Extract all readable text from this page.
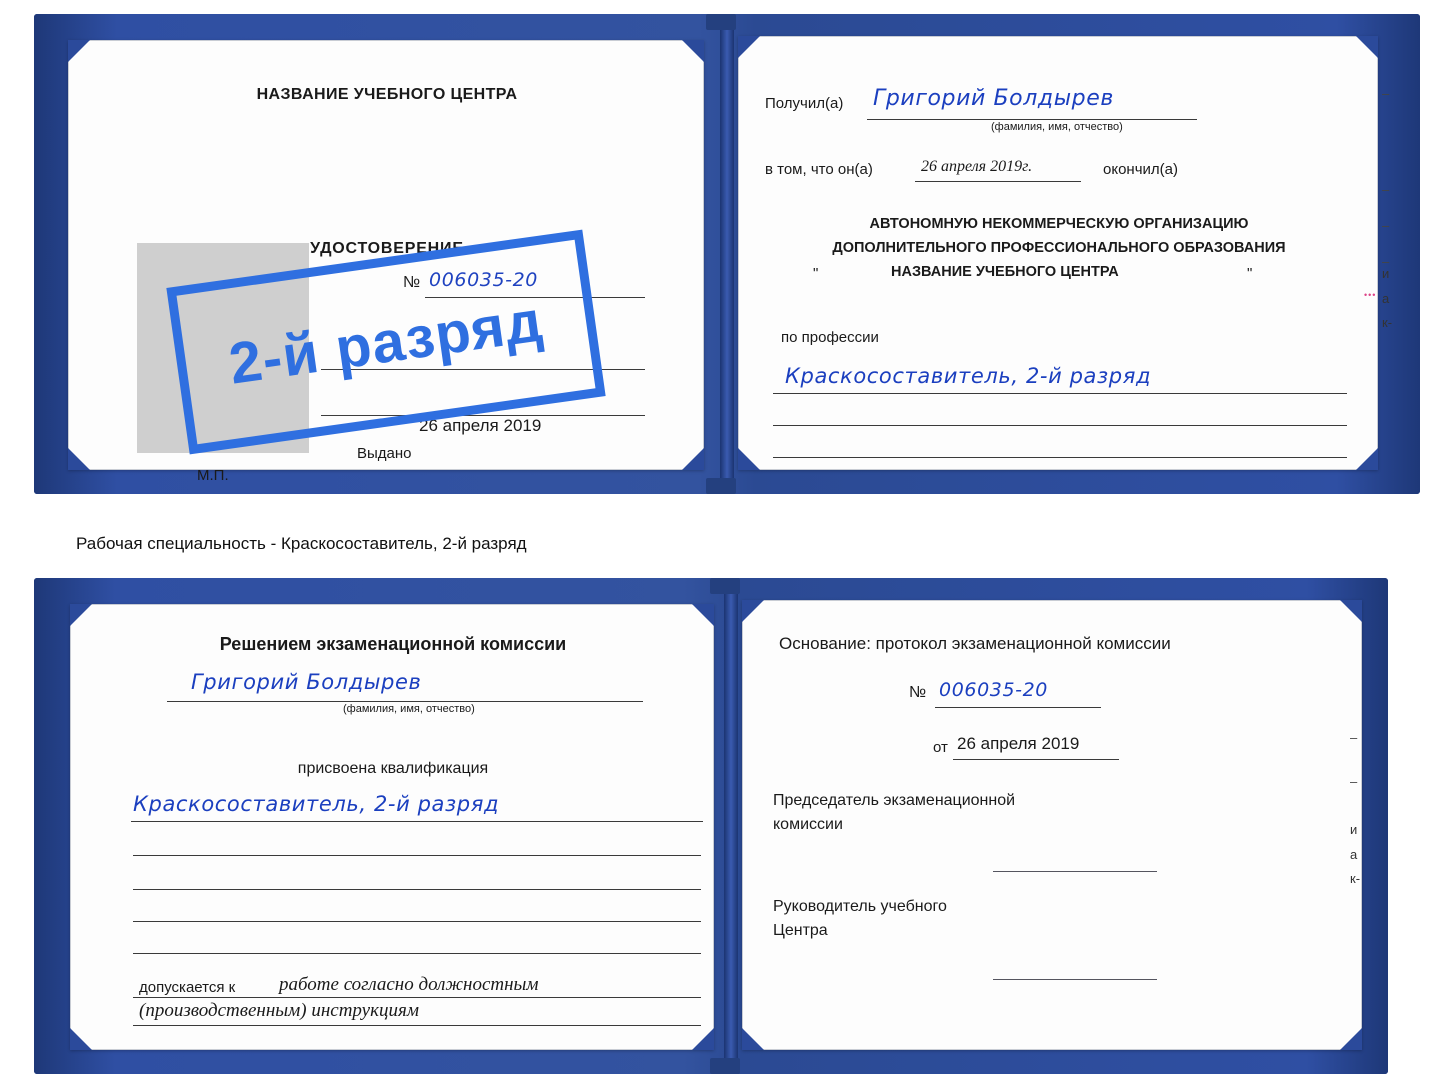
НАЗВАНИЕ УЧЕБНОГО ЦЕНТРА
УДОСТОВЕРЕНИЕ
№ 006035-20
Выдано
26 апреля 2019
М.П.
Получил(а) Григорий Болдырев
(фамилия, имя, отчество)
в том, что он(а)	26 апреля 2019г.	окончил(а)
АВТОНОМНУЮ НЕКОММЕРЧЕСКУЮ ОРГАНИЗАЦИЮ
ДОПОЛНИТЕЛЬНОГО ПРОФЕССИОНАЛЬНОГО ОБРАЗОВАНИЯ
"	НАЗВАНИЕ УЧЕБНОГО ЦЕНТРА	"
по профессии
Краскосоставитель, 2-й разряд
–
–
–
–
и
а
к-
•••
Рабочая специальность - Краскосоставитель, 2-й разряд
Решением экзаменационной комиссии
Григорий Болдырев
(фамилия, имя, отчество)
присвоена квалификация
Краскосоставитель, 2-й разряд
допускается к работе согласно должностным
(производственным) инструкциям
Основание: протокол экзаменационной комиссии
№ 006035-20
от 26 апреля 2019
Председатель экзаменационной
комиссии
Руководитель учебного
Центра
–
–
и
а
к-
2-й разряд
